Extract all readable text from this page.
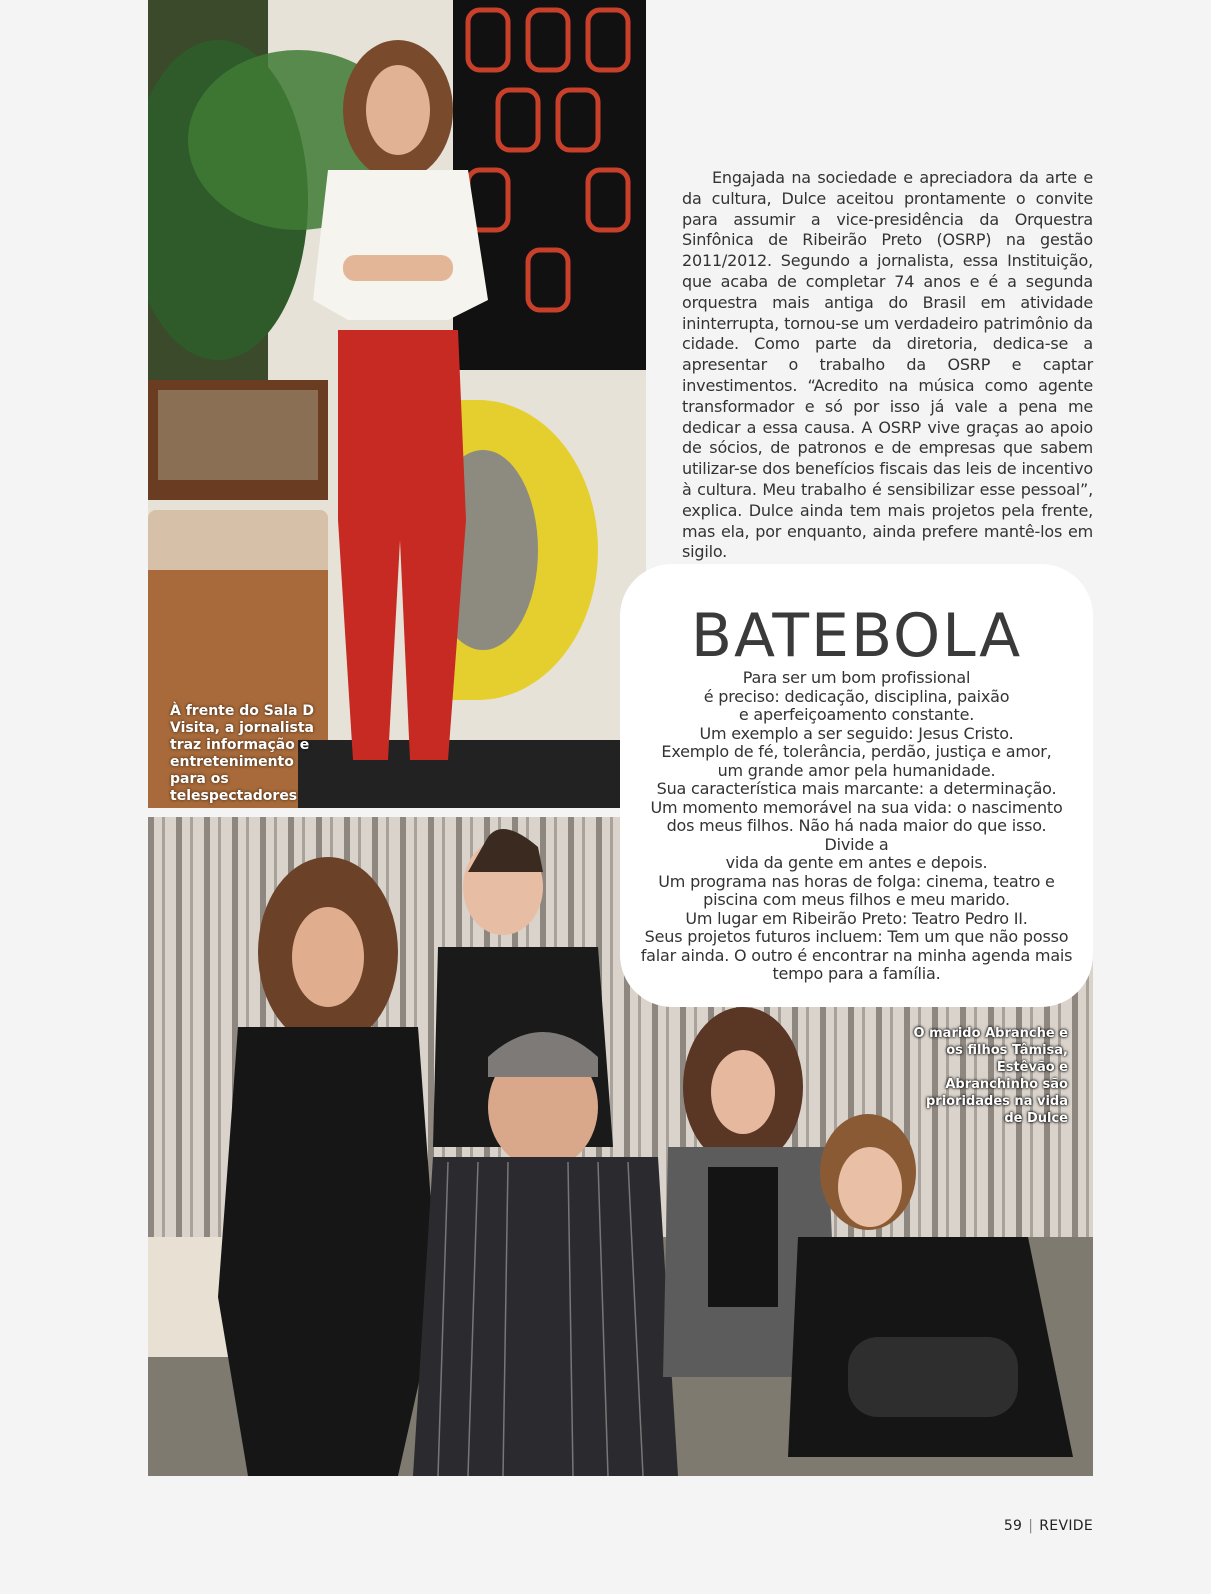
À frente do Sala D Visita, a jornalista traz informação e entretenimento para os telespectadores
O marido Abranche e os filhos Tâmisa, Estêvão e Abranchinho são prioridades na vida de Dulce

Engajada na sociedade e apreciadora da arte e da cultura, Dulce aceitou prontamente o convite para assumir a vice-presidência da Orquestra Sinfônica de Ribeirão Preto (OSRP) na gestão 2011/2012. Segundo a jornalista, essa Instituição, que acaba de completar 74 anos e é a segunda orquestra mais antiga do Brasil em atividade ininterrupta, tornou-se um verdadeiro patrimônio da cidade. Como parte da diretoria, dedica-se a apresentar o trabalho da OSRP e captar investimentos. “Acredito na música como agente transformador e só por isso já vale a pena me dedicar a essa causa. A OSRP vive graças ao apoio de sócios, de patronos e de empresas que sabem utilizar-se dos benefícios fiscais das leis de incentivo à cultura. Meu trabalho é sensibilizar esse pessoal”, explica. Dulce ainda tem mais projetos pela frente, mas ela, por enquanto, ainda prefere mantê-los em sigilo.

BATEBOLA
Para ser um bom profissional
é preciso: dedicação, disciplina, paixão
e aperfeiçoamento constante.
Um exemplo a ser seguido: Jesus Cristo.
Exemplo de fé, tolerância, perdão, justiça e amor,
um grande amor pela humanidade.
Sua característica mais marcante: a determinação.
Um momento memorável na sua vida: o nascimento
dos meus filhos. Não há nada maior do que isso. Divide a
vida da gente em antes e depois.
Um programa nas horas de folga: cinema, teatro e
piscina com meus filhos e meu marido.
Um lugar em Ribeirão Preto: Teatro Pedro II.
Seus projetos futuros incluem: Tem um que não posso
falar ainda. O outro é encontrar na minha agenda mais
tempo para a família.
59 | REVIDE
